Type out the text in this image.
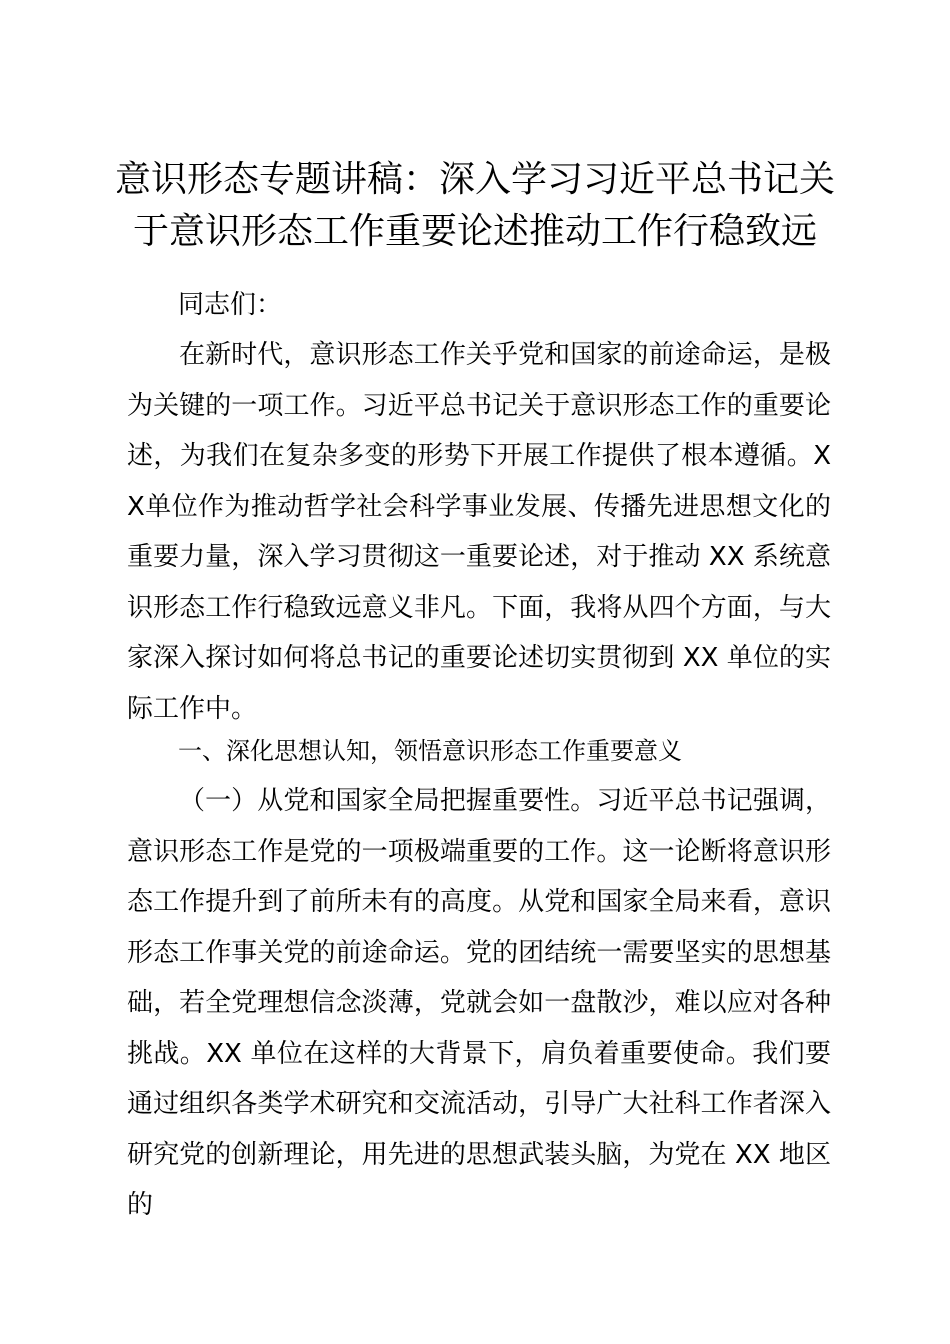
意识形态专题讲稿：深入学习习近平总书记关
于意识形态工作重要论述推动工作行稳致远

同志们：

在新时代，意识形态工作关乎党和国家的前途命运，是极为关键的一项工作。习近平总书记关于意识形态工作的重要论述，为我们在复杂多变的形势下开展工作提供了根本遵循。XX单位作为推动哲学社会科学事业发展、传播先进思想文化的重要力量，深入学习贯彻这一重要论述，对于推动 XX 系统意识形态工作行稳致远意义非凡。下面，我将从四个方面，与大家深入探讨如何将总书记的重要论述切实贯彻到 XX 单位的实际工作中。

一、深化思想认知，领悟意识形态工作重要意义

（一）从党和国家全局把握重要性。习近平总书记强调，意识形态工作是党的一项极端重要的工作。这一论断将意识形态工作提升到了前所未有的高度。从党和国家全局来看，意识形态工作事关党的前途命运。党的团结统一需要坚实的思想基础，若全党理想信念淡薄，党就会如一盘散沙，难以应对各种挑战。XX 单位在这样的大背景下，肩负着重要使命。我们要通过组织各类学术研究和交流活动，引导广大社科工作者深入研究党的创新理论，用先进的思想武装头脑，为党在 XX 地区的
